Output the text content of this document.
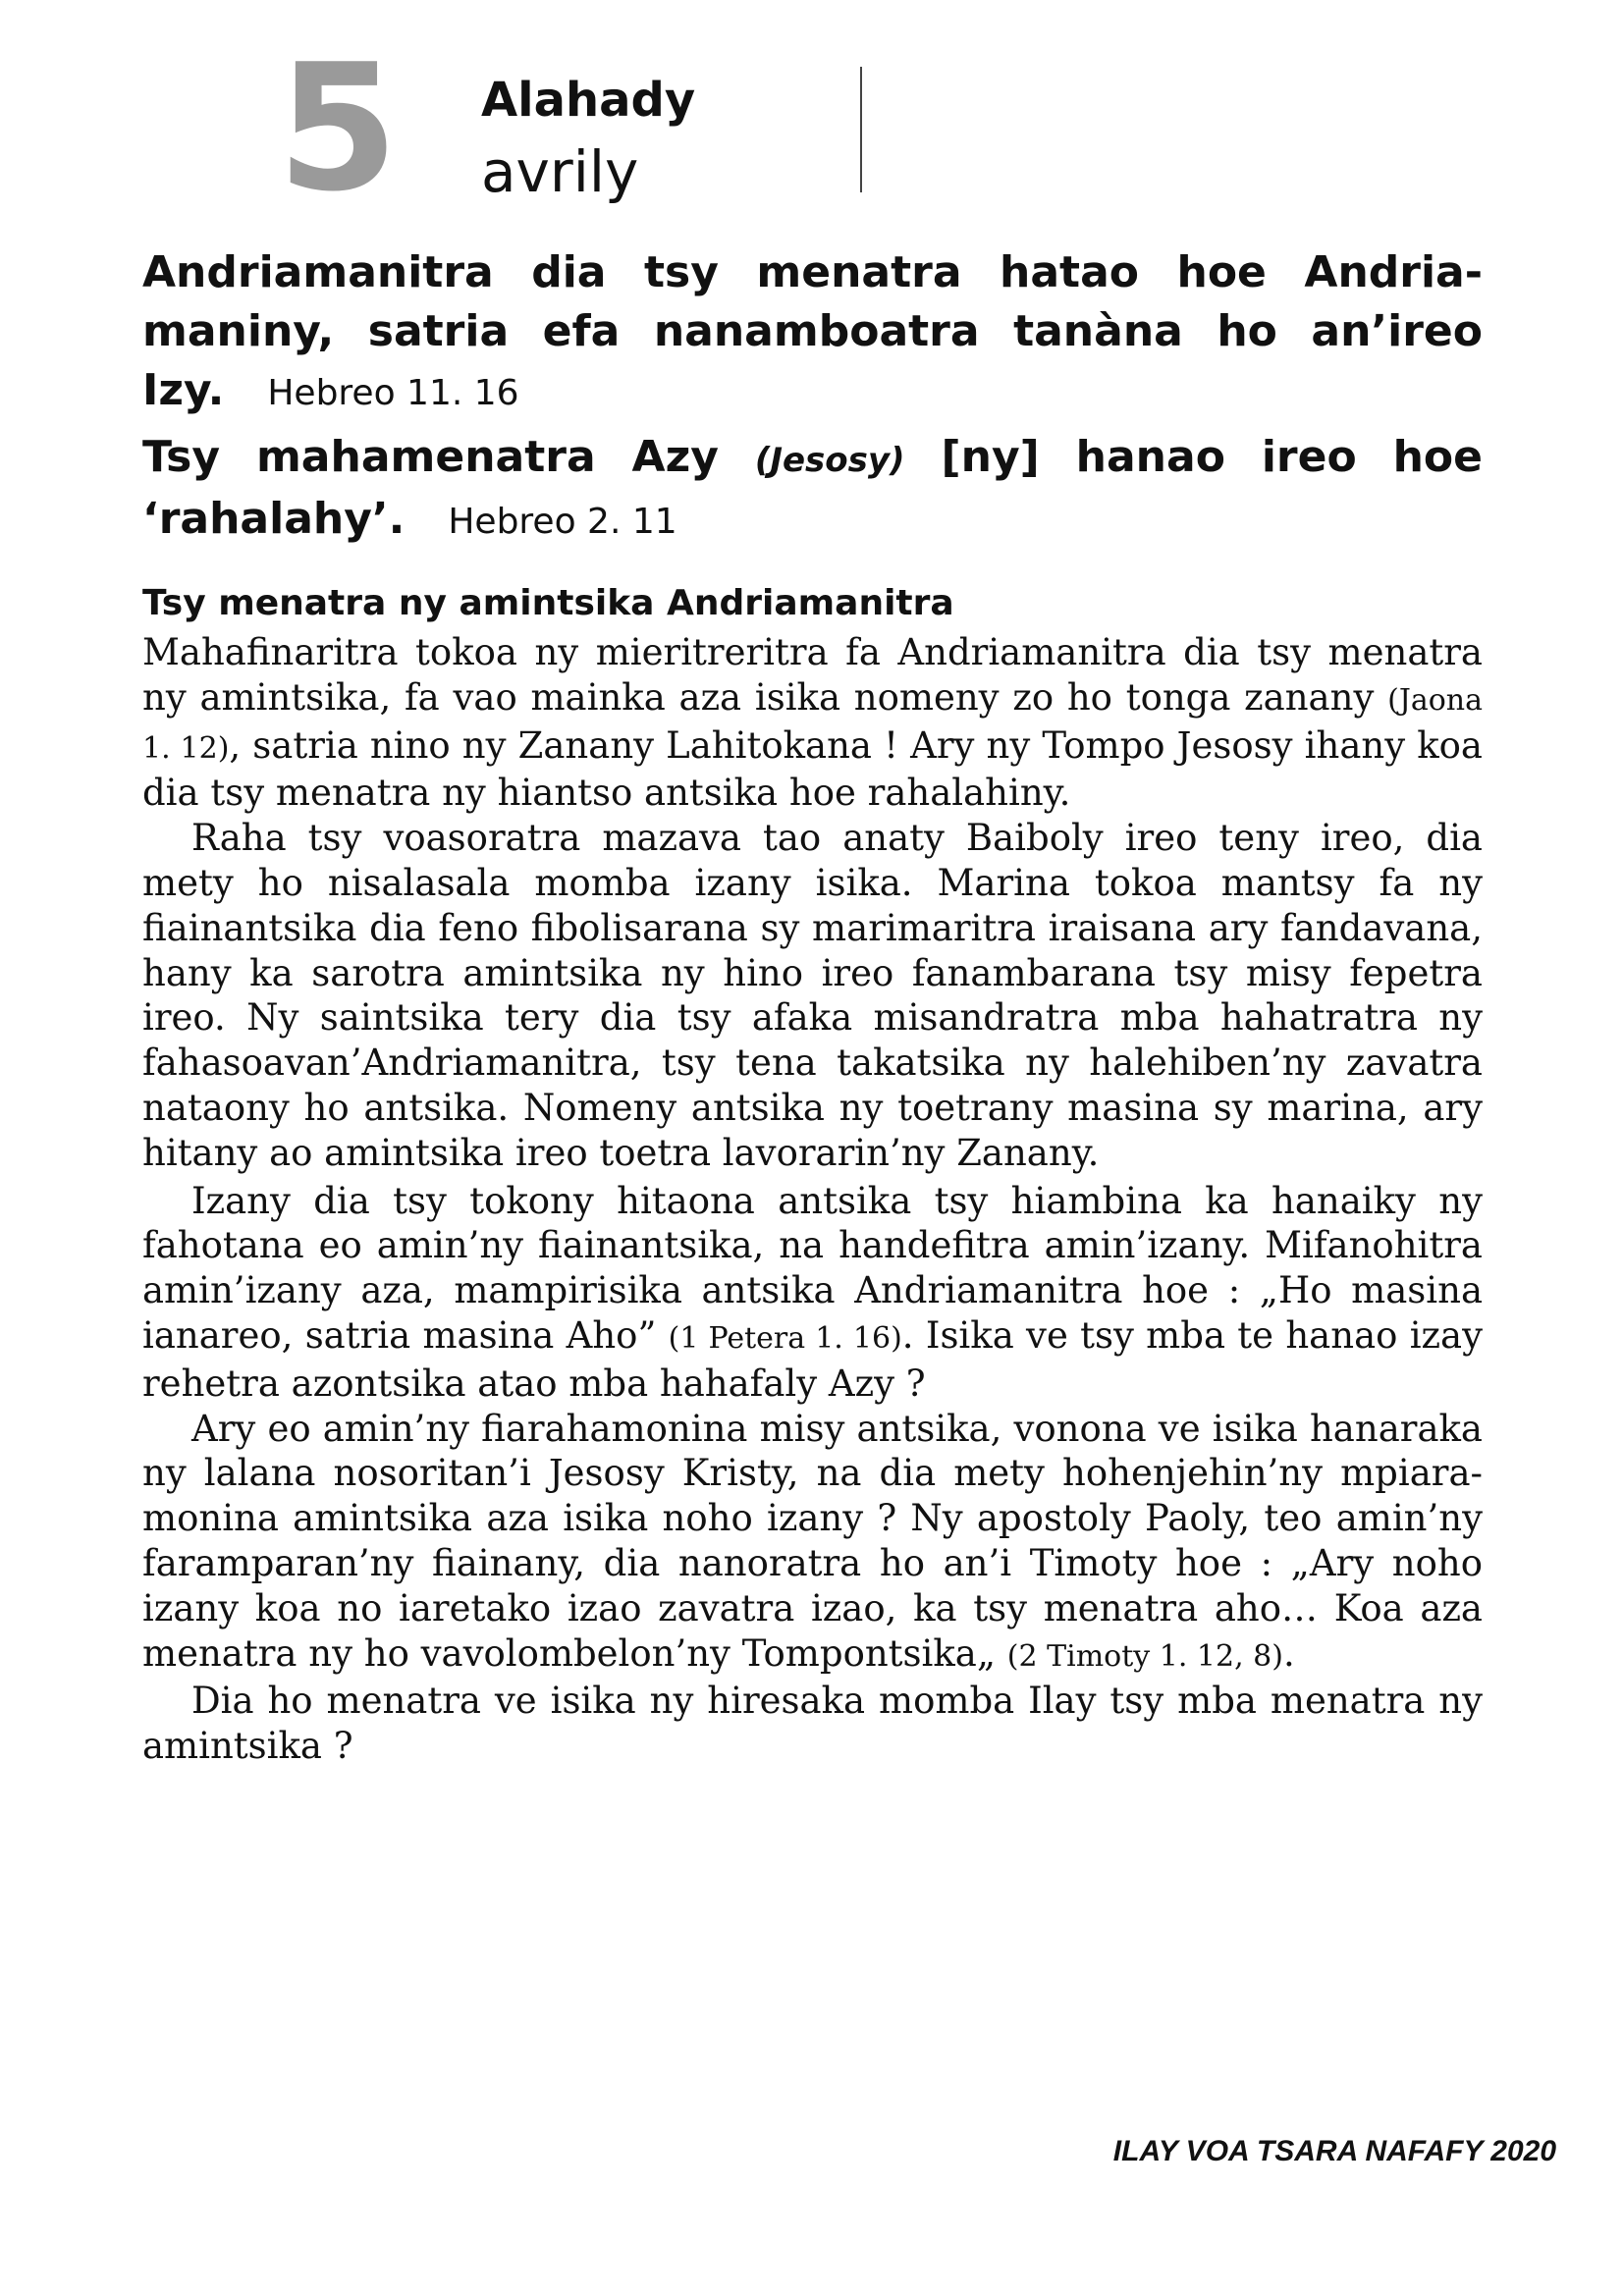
5 Alahady
avrily

Andriamanitra dia tsy menatra hatao hoe Andriamaniny, satria efa nanamboatra tanàna ho an’ireo Izy. Hebreo 11. 16

Tsy mahamenatra Azy (Jesosy) [ny] hanao ireo hoe ‘rahalahy’. Hebreo 2. 11

Tsy menatra ny amintsika Andriamanitra

Mahafinaritra tokoa ny mieritreritra fa Andriamanitra dia tsy menatra ny amintsika, fa vao mainka aza isika nomeny zo ho tonga zanany (Jaona 1. 12), satria nino ny Zanany Lahitokana ! Ary ny Tompo Jesosy ihany koa dia tsy menatra ny hiantso antsika hoe rahalahiny.

Raha tsy voasoratra mazava tao anaty Baiboly ireo teny ireo, dia mety ho nisalasala momba izany isika. Marina tokoa mantsy fa ny fiainantsika dia feno fibolisarana sy marimaritra iraisana ary fandavana, hany ka sarotra amintsika ny hino ireo fanambarana tsy misy fepetra ireo. Ny saintsika tery dia tsy afaka misandratra mba hahatratra ny fahasoavan’Andriamanitra, tsy tena takatsika ny halehiben’ny zavatra nataony ho antsika. Nomeny antsika ny toetrany masina sy marina, ary hitany ao amintsika ireo toetra lavorarin’ny Zanany.

Izany dia tsy tokony hitaona antsika tsy hiambina ka hanaiky ny fahotana eo amin’ny fiainantsika, na handefitra amin’izany. Mifanohitra amin’izany aza, mampirisika antsika Andriamanitra hoe : „Ho masina ianareo, satria masina Aho” (1 Petera 1. 16). Isika ve tsy mba te hanao izay rehetra azontsika atao mba hahafaly Azy ?

Ary eo amin’ny fiarahamonina misy antsika, vonona ve isika hanaraka ny lalana nosoritan’i Jesosy Kristy, na dia mety hohenjehin’ny mpiara-monina amintsika aza isika noho izany ? Ny apostoly Paoly, teo amin’ny faramparan’ny fiainany, dia nanoratra ho an’i Timoty hoe : „Ary noho izany koa no iaretako izao zavatra izao, ka tsy menatra aho… Koa aza menatra ny ho vavolombelon’ny Tompontsika„ (2 Timoty 1. 12, 8).

Dia ho menatra ve isika ny hiresaka momba Ilay tsy mba menatra ny amintsika ?

ILAY VOA TSARA NAFAFY 2020
